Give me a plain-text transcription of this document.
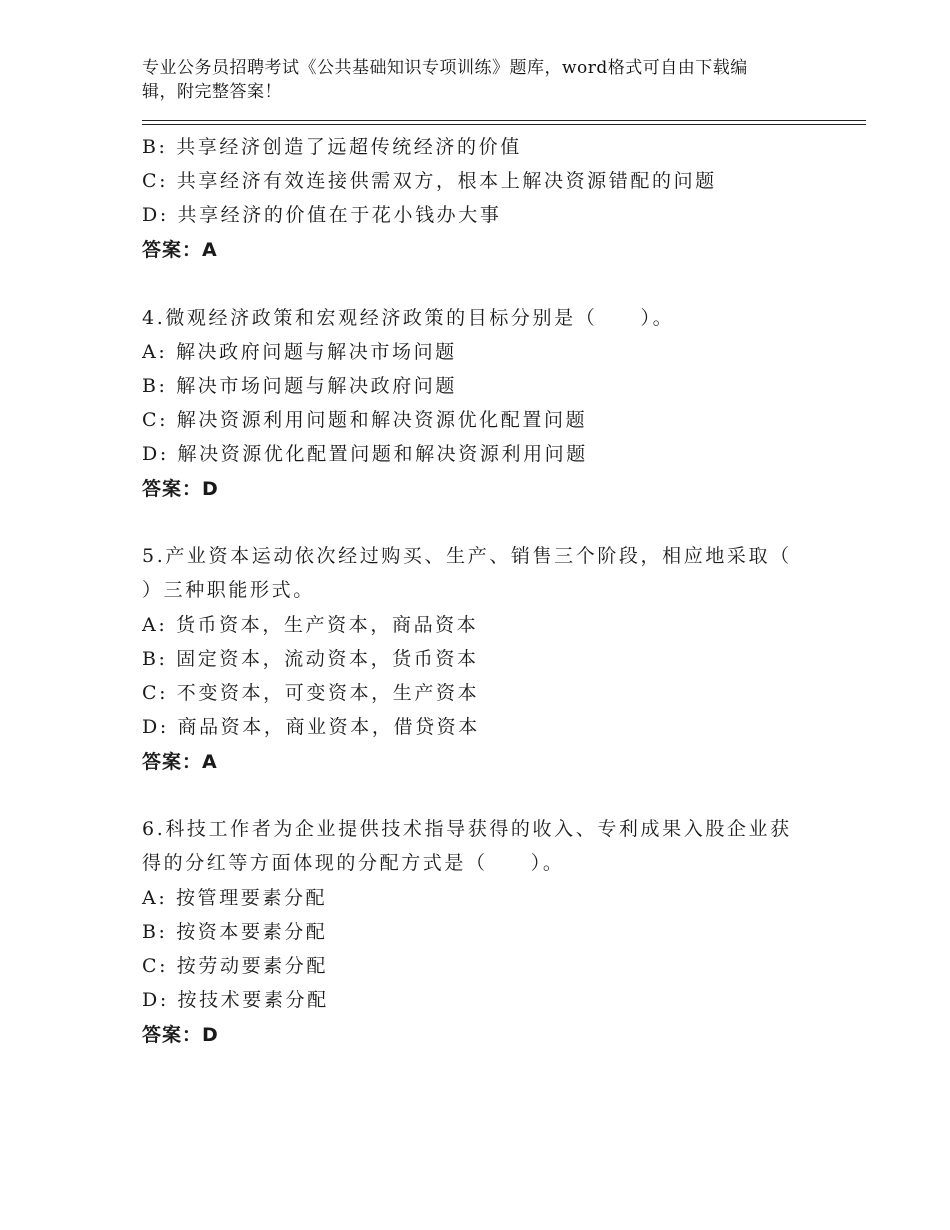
专业公务员招聘考试《公共基础知识专项训练》题库，word格式可自由下载编
辑，附完整答案！
B: 共享经济创造了远超传统经济的价值
C: 共享经济有效连接供需双方，根本上解决资源错配的问题
D: 共享经济的价值在于花小钱办大事
答案：A
4.微观经济政策和宏观经济政策的目标分别是（　　）。
A: 解决政府问题与解决市场问题
B: 解决市场问题与解决政府问题
C: 解决资源利用问题和解决资源优化配置问题
D: 解决资源优化配置问题和解决资源利用问题
答案：D
5.产业资本运动依次经过购买、生产、销售三个阶段，相应地采取（
）三种职能形式。
A: 货币资本，生产资本，商品资本
B: 固定资本，流动资本，货币资本
C: 不变资本，可变资本，生产资本
D: 商品资本，商业资本，借贷资本
答案：A
6.科技工作者为企业提供技术指导获得的收入、专利成果入股企业获
得的分红等方面体现的分配方式是（　　）。
A: 按管理要素分配
B: 按资本要素分配
C: 按劳动要素分配
D: 按技术要素分配
答案：D
